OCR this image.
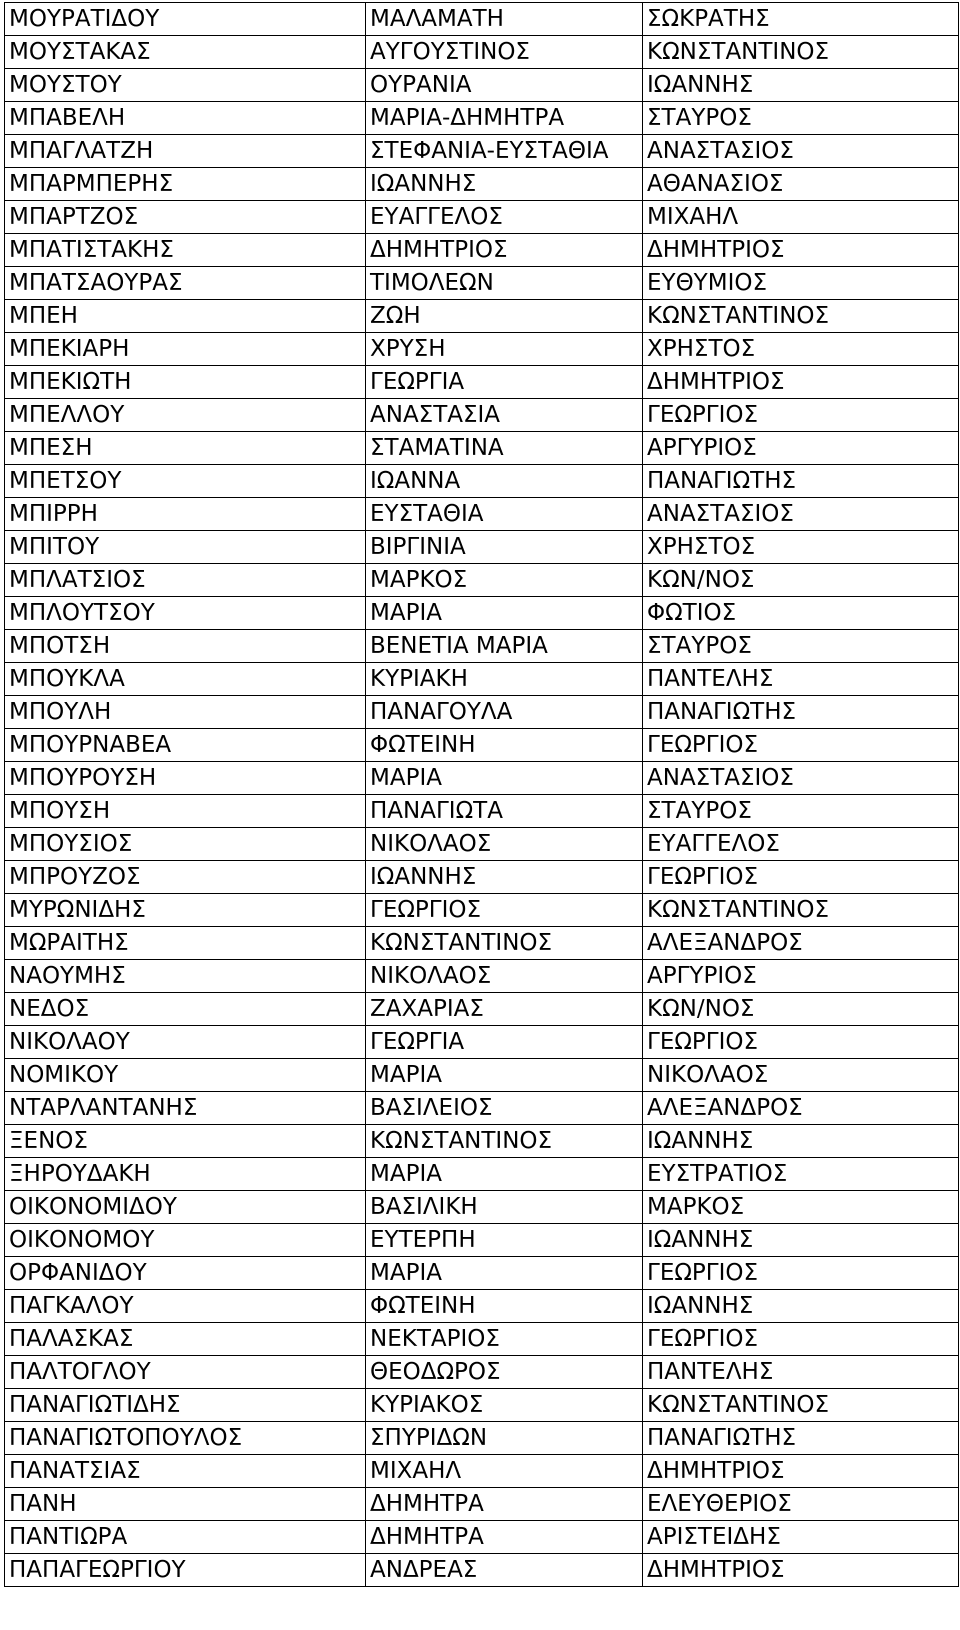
ΜΟΥΡΑΤΙΔΟΥ	ΜΑΛΑΜΑΤΗ	ΣΩΚΡΑΤΗΣ
ΜΟΥΣΤΑΚΑΣ	ΑΥΓΟΥΣΤΙΝΟΣ	ΚΩΝΣΤΑΝΤΙΝΟΣ
ΜΟΥΣΤΟΥ	ΟΥΡΑΝΙΑ	ΙΩΑΝΝΗΣ
ΜΠΑΒΕΛΗ	ΜΑΡΙΑ-ΔΗΜΗΤΡΑ	ΣΤΑΥΡΟΣ
ΜΠΑΓΛΑΤΖΗ	ΣΤΕΦΑΝΙΑ-ΕΥΣΤΑΘΙΑ	ΑΝΑΣΤΑΣΙΟΣ
ΜΠΑΡΜΠΕΡΗΣ	ΙΩΑΝΝΗΣ	ΑΘΑΝΑΣΙΟΣ
ΜΠΑΡΤΖΟΣ	ΕΥΑΓΓΕΛΟΣ	ΜΙΧΑΗΛ
ΜΠΑΤΙΣΤΑΚΗΣ	ΔΗΜΗΤΡΙΟΣ	ΔΗΜΗΤΡΙΟΣ
ΜΠΑΤΣΑΟΥΡΑΣ	ΤΙΜΟΛΕΩΝ	ΕΥΘΥΜΙΟΣ
ΜΠΕΗ	ΖΩΗ	ΚΩΝΣΤΑΝΤΙΝΟΣ
ΜΠΕΚΙΑΡΗ	ΧΡΥΣΗ	ΧΡΗΣΤΟΣ
ΜΠΕΚΙΩΤΗ	ΓΕΩΡΓΙΑ	ΔΗΜΗΤΡΙΟΣ
ΜΠΕΛΛΟΥ	ΑΝΑΣΤΑΣΙΑ	ΓΕΩΡΓΙΟΣ
ΜΠΕΣΗ	ΣΤΑΜΑΤΙΝΑ	ΑΡΓΥΡΙΟΣ
ΜΠΕΤΣΟΥ	ΙΩΑΝΝΑ	ΠΑΝΑΓΙΩΤΗΣ
ΜΠΙΡΡΗ	ΕΥΣΤΑΘΙΑ	ΑΝΑΣΤΑΣΙΟΣ
ΜΠΙΤΟΥ	ΒΙΡΓΙΝΙΑ	ΧΡΗΣΤΟΣ
ΜΠΛΑΤΣΙΟΣ	ΜΑΡΚΟΣ	ΚΩΝ/ΝΟΣ
ΜΠΛΟΥΤΣΟΥ	ΜΑΡΙΑ	ΦΩΤΙΟΣ
ΜΠΟΤΣΗ	ΒΕΝΕΤΙΑ ΜΑΡΙΑ	ΣΤΑΥΡΟΣ
ΜΠΟΥΚΛΑ	ΚΥΡΙΑΚΗ	ΠΑΝΤΕΛΗΣ
ΜΠΟΥΛΗ	ΠΑΝΑΓΟΥΛΑ	ΠΑΝΑΓΙΩΤΗΣ
ΜΠΟΥΡΝΑΒΕΑ	ΦΩΤΕΙΝΗ	ΓΕΩΡΓΙΟΣ
ΜΠΟΥΡΟΥΣΗ	ΜΑΡΙΑ	ΑΝΑΣΤΑΣΙΟΣ
ΜΠΟΥΣΗ	ΠΑΝΑΓΙΩΤΑ	ΣΤΑΥΡΟΣ
ΜΠΟΥΣΙΟΣ	ΝΙΚΟΛΑΟΣ	ΕΥΑΓΓΕΛΟΣ
ΜΠΡΟΥΖΟΣ	ΙΩΑΝΝΗΣ	ΓΕΩΡΓΙΟΣ
ΜΥΡΩΝΙΔΗΣ	ΓΕΩΡΓΙΟΣ	ΚΩΝΣΤΑΝΤΙΝΟΣ
ΜΩΡΑΙΤΗΣ	ΚΩΝΣΤΑΝΤΙΝΟΣ	ΑΛΕΞΑΝΔΡΟΣ
ΝΑΟΥΜΗΣ	ΝΙΚΟΛΑΟΣ	ΑΡΓΥΡΙΟΣ
ΝΕΔΟΣ	ΖΑΧΑΡΙΑΣ	ΚΩΝ/ΝΟΣ
ΝΙΚΟΛΑΟΥ	ΓΕΩΡΓΙΑ	ΓΕΩΡΓΙΟΣ
ΝΟΜΙΚΟΥ	ΜΑΡΙΑ	ΝΙΚΟΛΑΟΣ
ΝΤΑΡΛΑΝΤΑΝΗΣ	ΒΑΣΙΛΕΙΟΣ	ΑΛΕΞΑΝΔΡΟΣ
ΞΕΝΟΣ	ΚΩΝΣΤΑΝΤΙΝΟΣ	ΙΩΑΝΝΗΣ
ΞΗΡΟΥΔΑΚΗ	ΜΑΡΙΑ	ΕΥΣΤΡΑΤΙΟΣ
ΟΙΚΟΝΟΜΙΔΟΥ	ΒΑΣΙΛΙΚΗ	ΜΑΡΚΟΣ
ΟΙΚΟΝΟΜΟΥ	ΕΥΤΕΡΠΗ	ΙΩΑΝΝΗΣ
ΟΡΦΑΝΙΔΟΥ	ΜΑΡΙΑ	ΓΕΩΡΓΙΟΣ
ΠΑΓΚΑΛΟΥ	ΦΩΤΕΙΝΗ	ΙΩΑΝΝΗΣ
ΠΑΛΑΣΚΑΣ	ΝΕΚΤΑΡΙΟΣ	ΓΕΩΡΓΙΟΣ
ΠΑΛΤΟΓΛΟΥ	ΘΕΟΔΩΡΟΣ	ΠΑΝΤΕΛΗΣ
ΠΑΝΑΓΙΩΤΙΔΗΣ	ΚΥΡΙΑΚΟΣ	ΚΩΝΣΤΑΝΤΙΝΟΣ
ΠΑΝΑΓΙΩΤΟΠΟΥΛΟΣ	ΣΠΥΡΙΔΩΝ	ΠΑΝΑΓΙΩΤΗΣ
ΠΑΝΑΤΣΙΑΣ	ΜΙΧΑΗΛ	ΔΗΜΗΤΡΙΟΣ
ΠΑΝΗ	ΔΗΜΗΤΡΑ	ΕΛΕΥΘΕΡΙΟΣ
ΠΑΝΤΙΩΡΑ	ΔΗΜΗΤΡΑ	ΑΡΙΣΤΕΙΔΗΣ
ΠΑΠΑΓΕΩΡΓΙΟΥ	ΑΝΔΡΕΑΣ	ΔΗΜΗΤΡΙΟΣ
